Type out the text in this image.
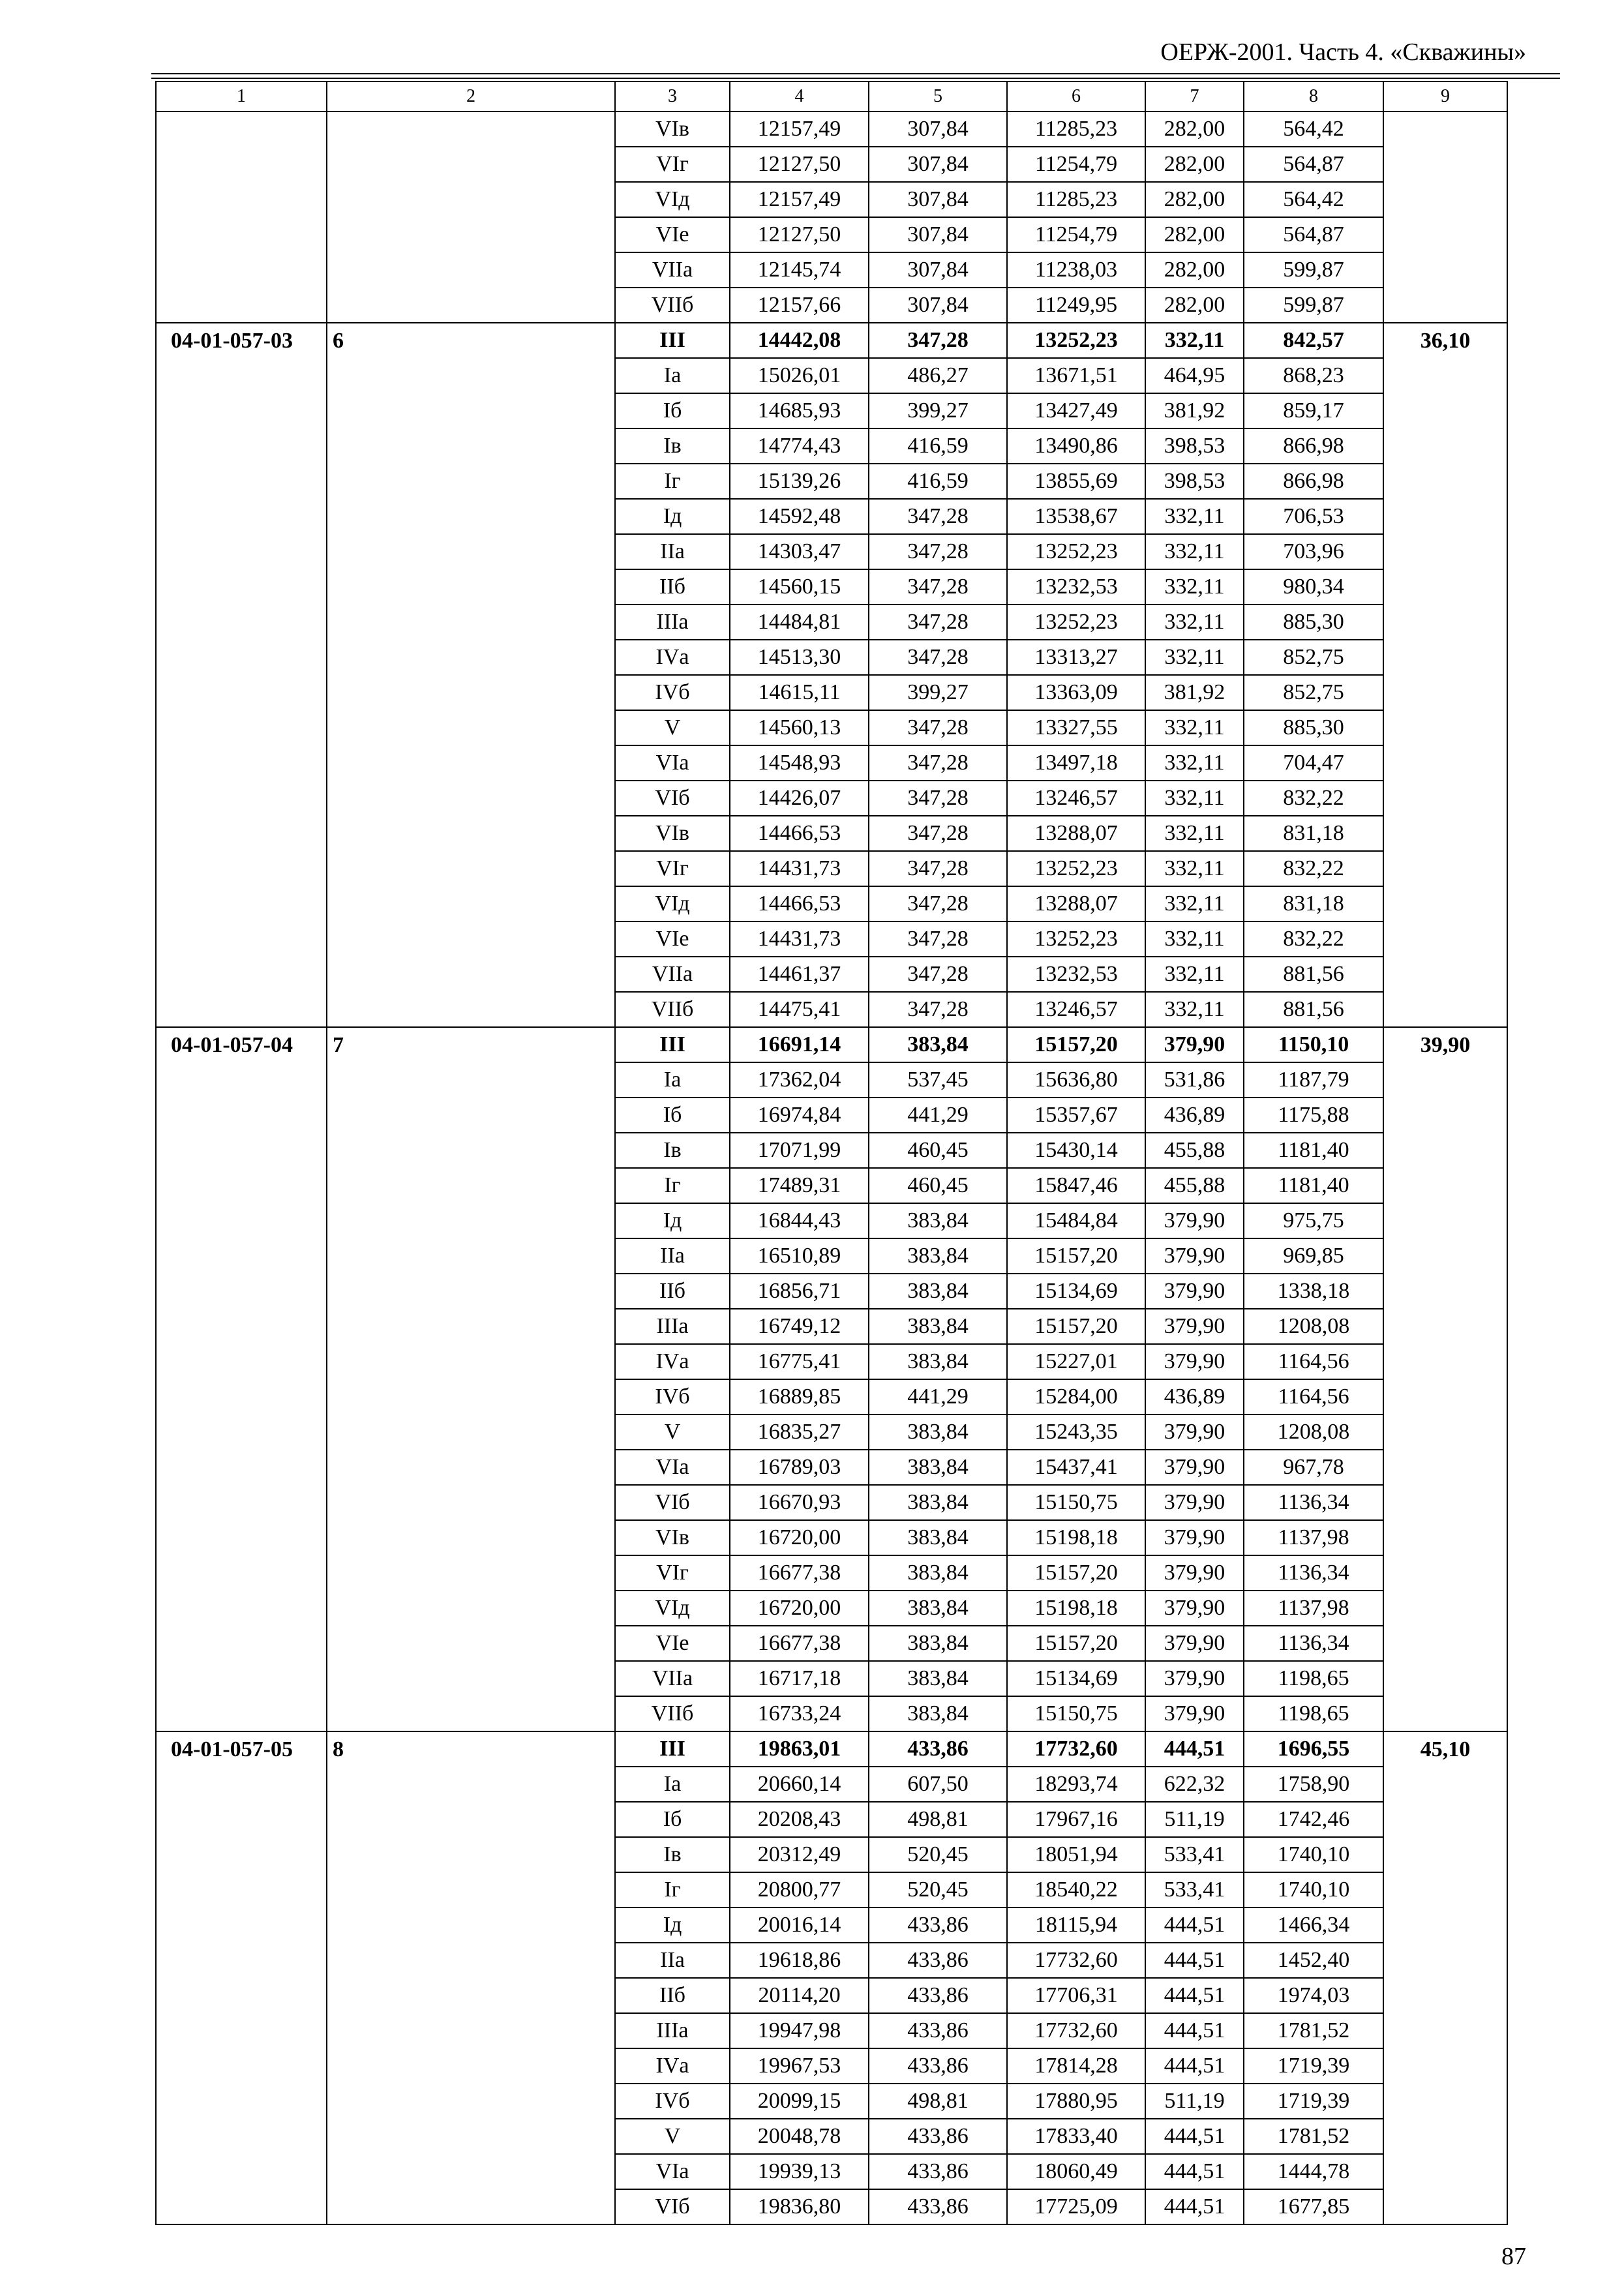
ОЕРЖ-2001. Часть 4. «Скважины»
1	2	3	4	5	6	7	8	9
		VIв	12157,49	307,84	11285,23	282,00	564,42	
		VIг	12127,50	307,84	11254,79	282,00	564,87	
		VIд	12157,49	307,84	11285,23	282,00	564,42	
		VIе	12127,50	307,84	11254,79	282,00	564,87	
		VIIа	12145,74	307,84	11238,03	282,00	599,87	
		VIIб	12157,66	307,84	11249,95	282,00	599,87	
04-01-057-03	6	III	14442,08	347,28	13252,23	332,11	842,57	36,10
		Iа	15026,01	486,27	13671,51	464,95	868,23	
		Iб	14685,93	399,27	13427,49	381,92	859,17	
		Iв	14774,43	416,59	13490,86	398,53	866,98	
		Iг	15139,26	416,59	13855,69	398,53	866,98	
		Iд	14592,48	347,28	13538,67	332,11	706,53	
		IIа	14303,47	347,28	13252,23	332,11	703,96	
		IIб	14560,15	347,28	13232,53	332,11	980,34	
		IIIа	14484,81	347,28	13252,23	332,11	885,30	
		IVа	14513,30	347,28	13313,27	332,11	852,75	
		IVб	14615,11	399,27	13363,09	381,92	852,75	
		V	14560,13	347,28	13327,55	332,11	885,30	
		VIа	14548,93	347,28	13497,18	332,11	704,47	
		VIб	14426,07	347,28	13246,57	332,11	832,22	
		VIв	14466,53	347,28	13288,07	332,11	831,18	
		VIг	14431,73	347,28	13252,23	332,11	832,22	
		VIд	14466,53	347,28	13288,07	332,11	831,18	
		VIе	14431,73	347,28	13252,23	332,11	832,22	
		VIIа	14461,37	347,28	13232,53	332,11	881,56	
		VIIб	14475,41	347,28	13246,57	332,11	881,56	
04-01-057-04	7	III	16691,14	383,84	15157,20	379,90	1150,10	39,90
		Iа	17362,04	537,45	15636,80	531,86	1187,79	
		Iб	16974,84	441,29	15357,67	436,89	1175,88	
		Iв	17071,99	460,45	15430,14	455,88	1181,40	
		Iг	17489,31	460,45	15847,46	455,88	1181,40	
		Iд	16844,43	383,84	15484,84	379,90	975,75	
		IIа	16510,89	383,84	15157,20	379,90	969,85	
		IIб	16856,71	383,84	15134,69	379,90	1338,18	
		IIIа	16749,12	383,84	15157,20	379,90	1208,08	
		IVа	16775,41	383,84	15227,01	379,90	1164,56	
		IVб	16889,85	441,29	15284,00	436,89	1164,56	
		V	16835,27	383,84	15243,35	379,90	1208,08	
		VIа	16789,03	383,84	15437,41	379,90	967,78	
		VIб	16670,93	383,84	15150,75	379,90	1136,34	
		VIв	16720,00	383,84	15198,18	379,90	1137,98	
		VIг	16677,38	383,84	15157,20	379,90	1136,34	
		VIд	16720,00	383,84	15198,18	379,90	1137,98	
		VIе	16677,38	383,84	15157,20	379,90	1136,34	
		VIIа	16717,18	383,84	15134,69	379,90	1198,65	
		VIIб	16733,24	383,84	15150,75	379,90	1198,65	
04-01-057-05	8	III	19863,01	433,86	17732,60	444,51	1696,55	45,10
		Iа	20660,14	607,50	18293,74	622,32	1758,90	
		Iб	20208,43	498,81	17967,16	511,19	1742,46	
		Iв	20312,49	520,45	18051,94	533,41	1740,10	
		Iг	20800,77	520,45	18540,22	533,41	1740,10	
		Iд	20016,14	433,86	18115,94	444,51	1466,34	
		IIа	19618,86	433,86	17732,60	444,51	1452,40	
		IIб	20114,20	433,86	17706,31	444,51	1974,03	
		IIIа	19947,98	433,86	17732,60	444,51	1781,52	
		IVа	19967,53	433,86	17814,28	444,51	1719,39	
		IVб	20099,15	498,81	17880,95	511,19	1719,39	
		V	20048,78	433,86	17833,40	444,51	1781,52	
		VIа	19939,13	433,86	18060,49	444,51	1444,78	
		VIб	19836,80	433,86	17725,09	444,51	1677,85	
87
